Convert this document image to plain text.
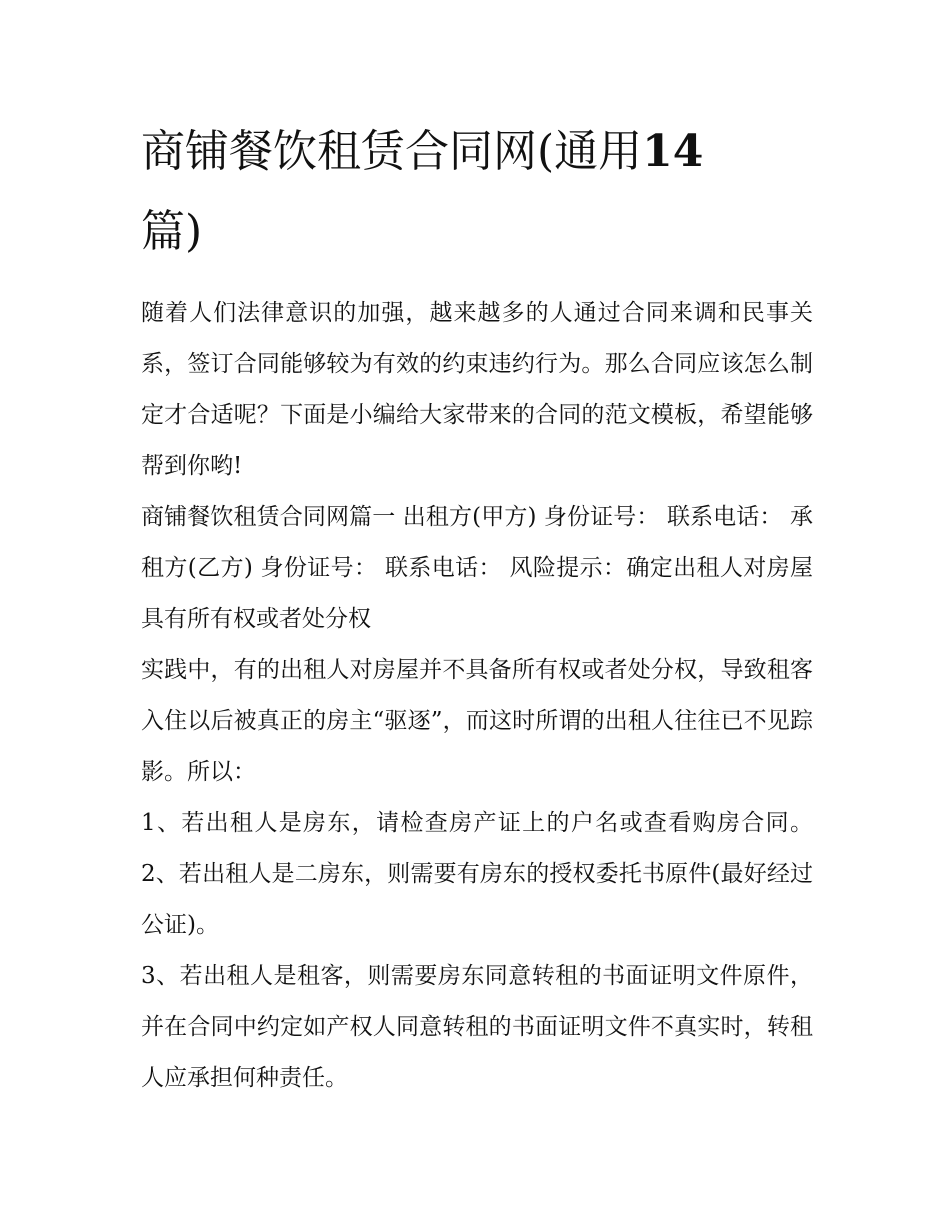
商铺餐饮租赁合同网(通用14
篇)

随着人们法律意识的加强，越来越多的人通过合同来调和民事关系，签订合同能够较为有效的约束违约行为。那么合同应该怎么制定才合适呢？下面是小编给大家带来的合同的范文模板，希望能够帮到你哟!

商铺餐饮租赁合同网篇一 出租方(甲方) 身份证号： 联系电话： 承租方(乙方) 身份证号： 联系电话： 风险提示：确定出租人对房屋具有所有权或者处分权

实践中，有的出租人对房屋并不具备所有权或者处分权，导致租客入住以后被真正的房主“驱逐”，而这时所谓的出租人往往已不见踪影。所以：

1、若出租人是房东，请检查房产证上的户名或查看购房合同。 2、若出租人是二房东，则需要有房东的授权委托书原件(最好经过公证)。

3、若出租人是租客，则需要房东同意转租的书面证明文件原件，并在合同中约定如产权人同意转租的书面证明文件不真实时，转租人应承担何种责任。
